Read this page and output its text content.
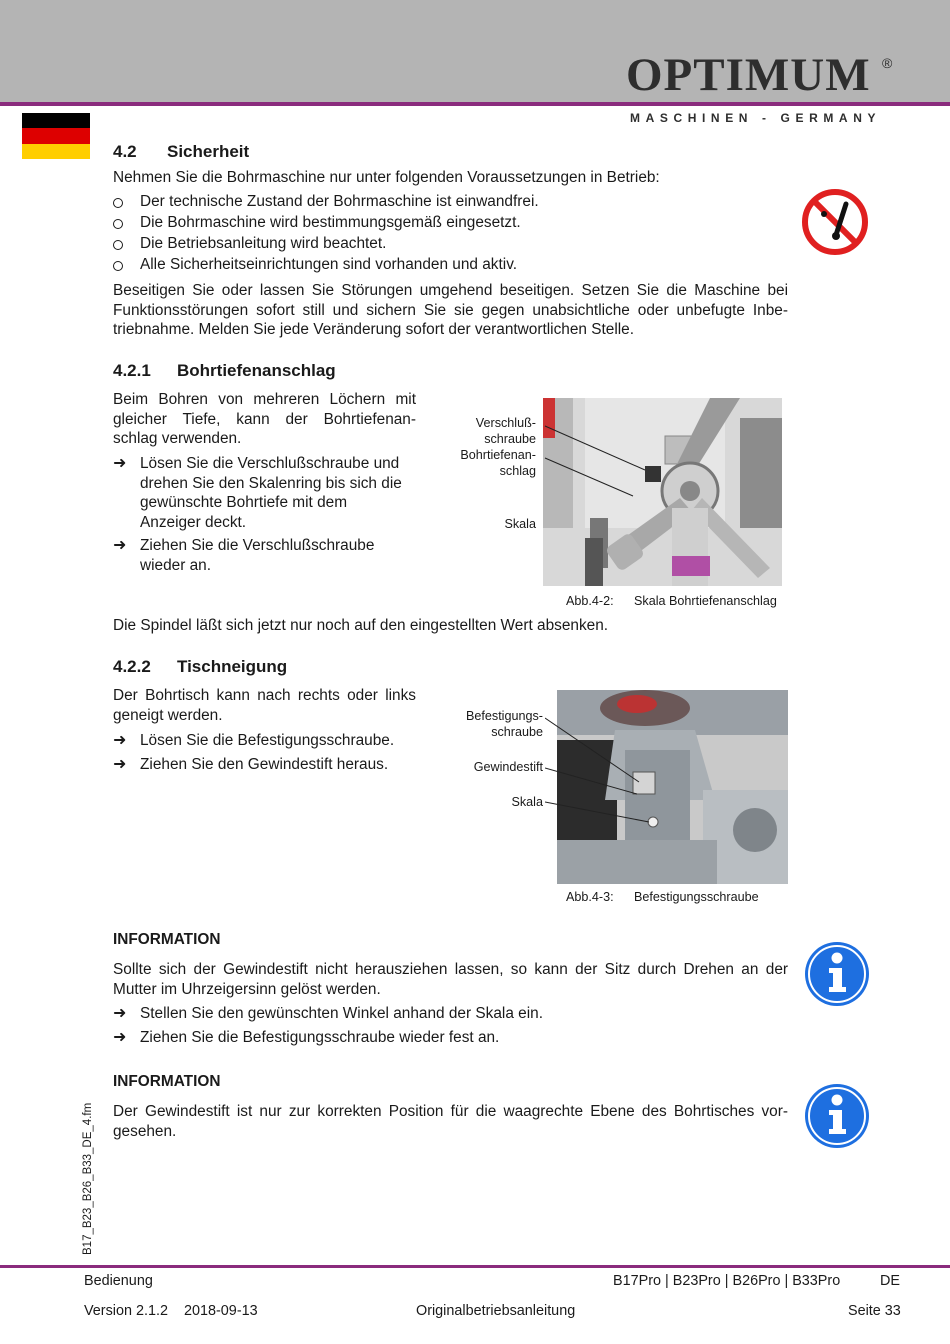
OPTIMUM ®
MASCHINEN - GERMANY
4.2 Sicherheit
Nehmen Sie die Bohrmaschine nur unter folgenden Voraussetzungen in Betrieb:
Der technische Zustand der Bohrmaschine ist einwandfrei.
Die Bohrmaschine wird bestimmungsgemäß eingesetzt.
Die Betriebsanleitung wird beachtet.
Alle Sicherheitseinrichtungen sind vorhanden und aktiv.
Beseitigen Sie oder lassen Sie Störungen umgehend beseitigen. Setzen Sie die Maschine bei
Funktionsstörungen sofort still und sichern Sie sie gegen unabsichtliche oder unbefugte Inbe-
triebnahme. Melden Sie jede Veränderung sofort der verantwortlichen Stelle.
4.2.1 Bohrtiefenanschlag
Beim Bohren von mehreren Löchern mit
gleicher Tiefe, kann der Bohrtiefenan-
schlag verwenden.
➜ Lösen Sie die Verschlußschraube und
drehen Sie den Skalenring bis sich die
gewünschte Bohrtiefe mit dem
Anzeiger deckt.
➜ Ziehen Sie die Verschlußschraube
wieder an.
Verschluß-
schraube
Bohrtiefenan-
schlag
Skala
Abb.4-2: Skala Bohrtiefenanschlag
Die Spindel läßt sich jetzt nur noch auf den eingestellten Wert absenken.
4.2.2 Tischneigung
Der Bohrtisch kann nach rechts oder links
geneigt werden.
➜ Lösen Sie die Befestigungsschraube.
➜ Ziehen Sie den Gewindestift heraus.
Befestigungs-
schraube
Gewindestift
Skala
Abb.4-3: Befestigungsschraube
INFORMATION
Sollte sich der Gewindestift nicht herausziehen lassen, so kann der Sitz durch Drehen an der
Mutter im Uhrzeigersinn gelöst werden.
➜ Stellen Sie den gewünschten Winkel anhand der Skala ein.
➜ Ziehen Sie die Befestigungsschraube wieder fest an.
INFORMATION
Der Gewindestift ist nur zur korrekten Position für die waagrechte Ebene des Bohrtisches vor-
gesehen.
B17_B23_B26_B33_DE_4.fm
Bedienung	B17Pro | B23Pro | B26Pro | B33Pro	DE
Version 2.1.2 2018-09-13	Originalbetriebsanleitung	Seite 33
